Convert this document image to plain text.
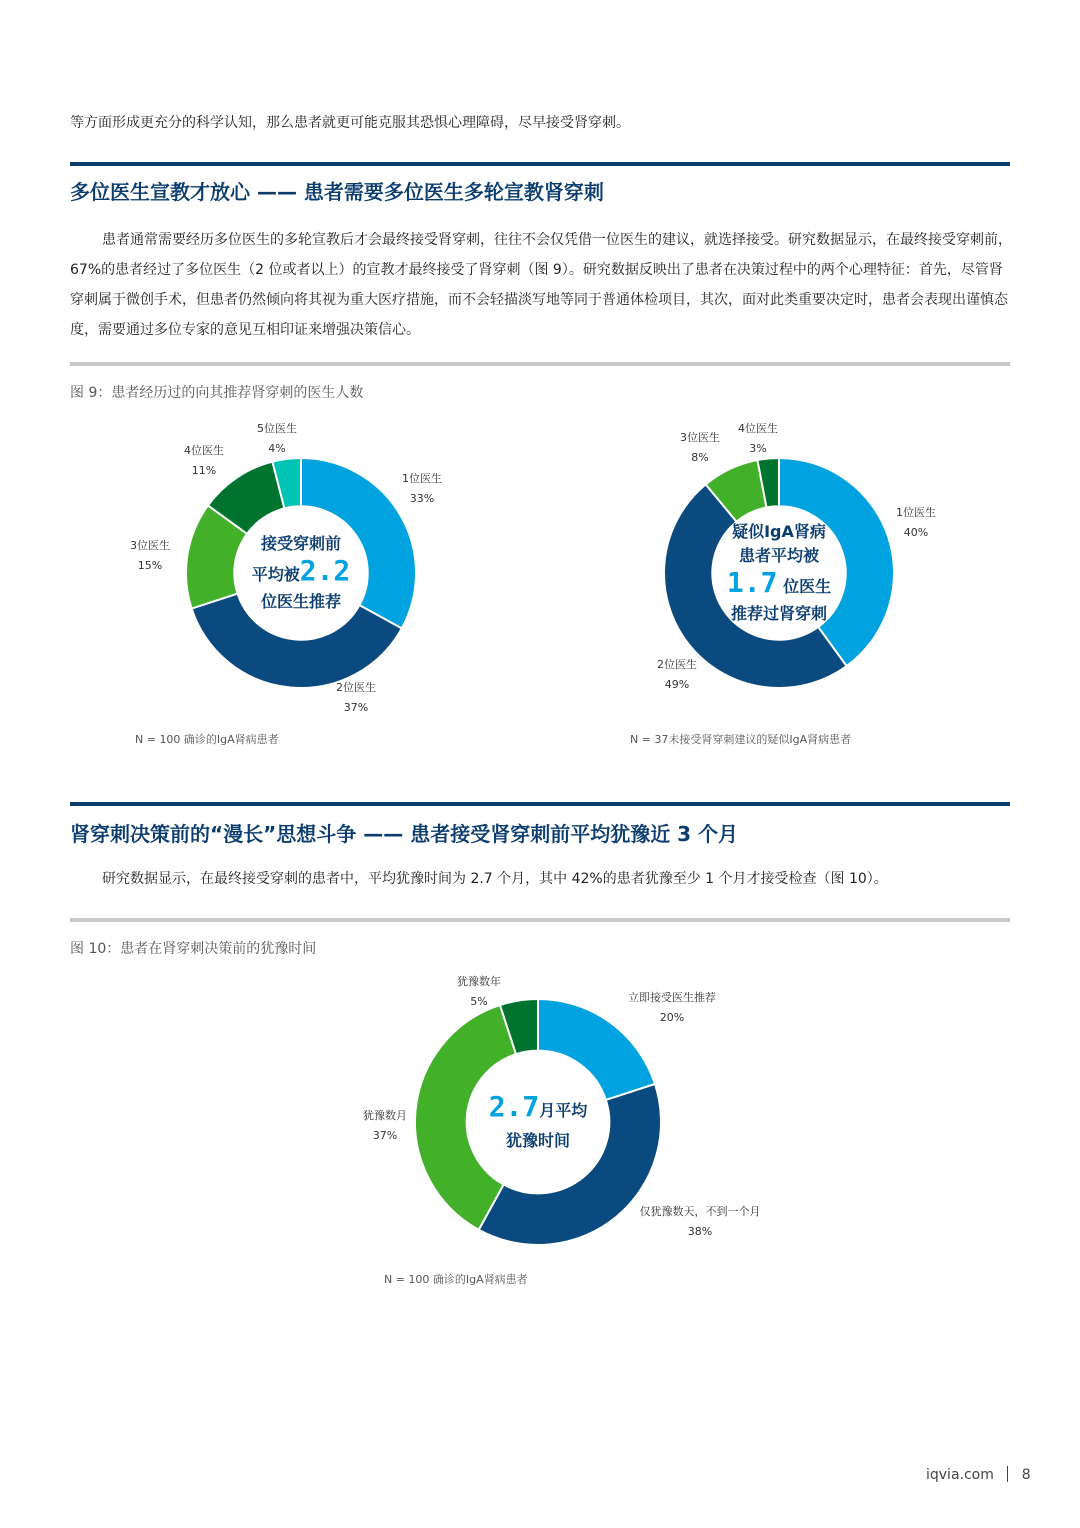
等方面形成更充分的科学认知，那么患者就更可能克服其恐惧心理障碍，尽早接受肾穿刺。
多位医生宣教才放心 —— 患者需要多位医生多轮宣教肾穿刺
患者通常需要经历多位医生的多轮宣教后才会最终接受肾穿刺，往往不会仅凭借一位医生的建议，就选择接受。研究数据显示，在最终接受穿刺前，67%的患者经过了多位医生（2 位或者以上）的宣教才最终接受了肾穿刺（图 9）。研究数据反映出了患者在决策过程中的两个心理特征：首先，尽管肾穿刺属于微创手术，但患者仍然倾向将其视为重大医疗措施，而不会轻描淡写地等同于普通体检项目，其次，面对此类重要决定时，患者会表现出谨慎态度，需要通过多位专家的意见互相印证来增强决策信心。
图 9：患者经历过的向其推荐肾穿刺的医生人数
5位医生
4%
4位医生
11%
1位医生
33%
3位医生
15%
2位医生
37%
接受穿刺前
平均被2.2
位医生推荐
N = 100 确诊的IgA肾病患者
3位医生
8%
4位医生
3%
1位医生
40%
2位医生
49%
疑似IgA肾病
患者平均被
1.7 位医生
推荐过肾穿刺
N = 37未接受肾穿刺建议的疑似IgA肾病患者
肾穿刺决策前的“漫长”思想斗争 —— 患者接受肾穿刺前平均犹豫近 3 个月
研究数据显示，在最终接受穿刺的患者中，平均犹豫时间为 2.7 个月，其中 42%的患者犹豫至少 1 个月才接受检查（图 10）。
图 10：患者在肾穿刺决策前的犹豫时间
犹豫数年
5%	立即接受医生推荐
20%
犹豫数月
37%
仅犹豫数天，不到一个月
38%
2.7月平均
犹豫时间
N = 100 确诊的IgA肾病患者
iqvia.com 8
